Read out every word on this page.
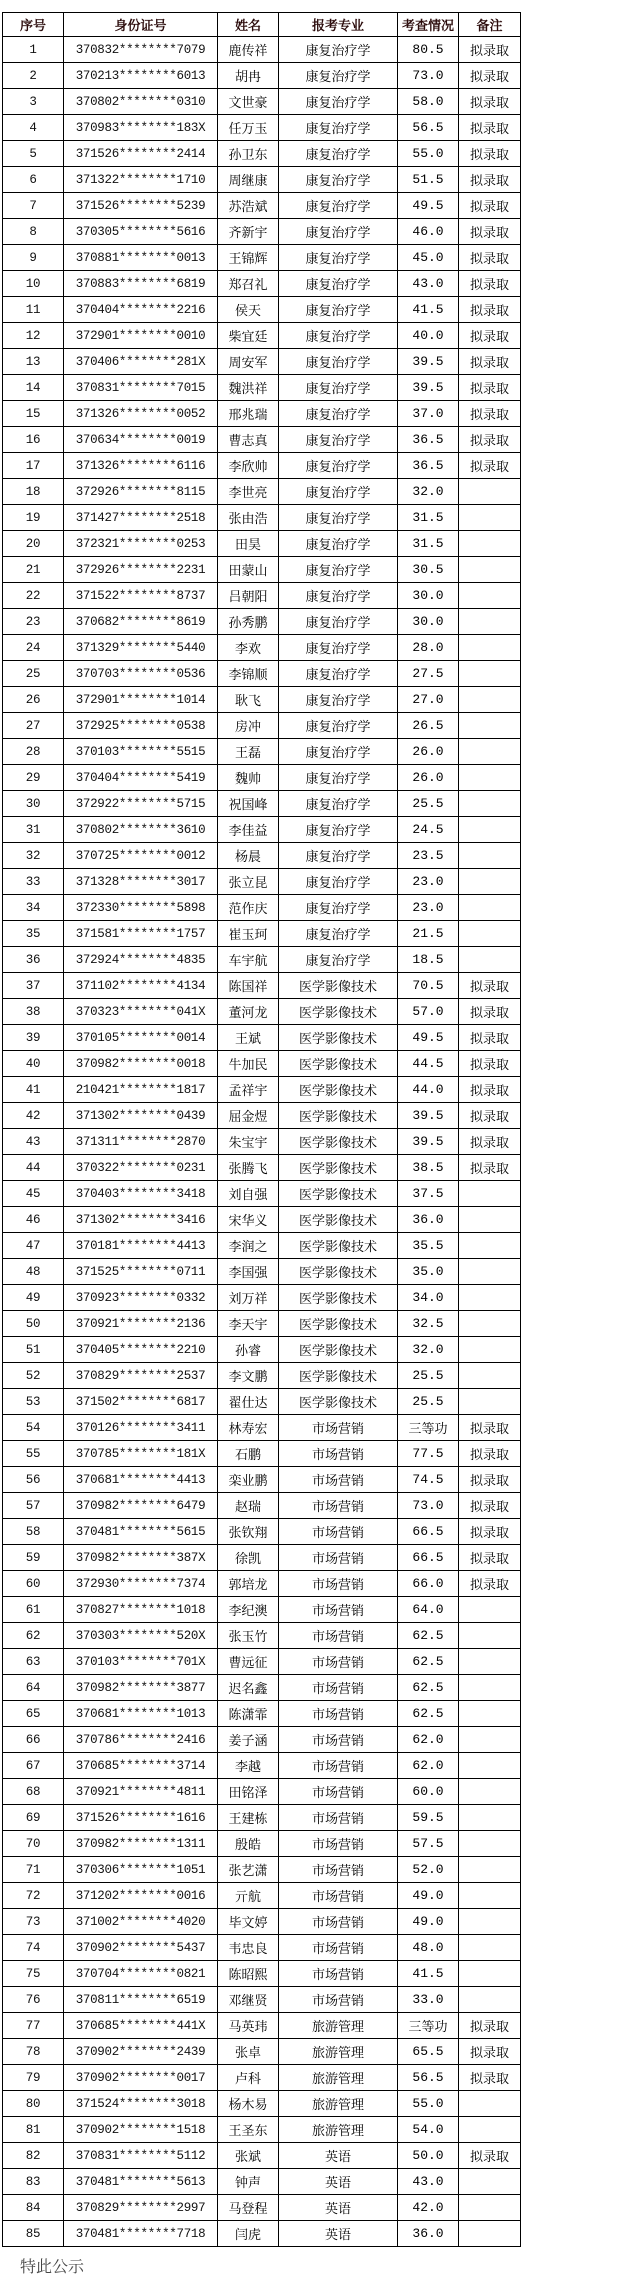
序号	身份证号	姓名	报考专业	考查情况	备注
1	370832********7079	鹿传祥	康复治疗学	80.5	拟录取
2	370213********6013	胡冉	康复治疗学	73.0	拟录取
3	370802********0310	文世豪	康复治疗学	58.0	拟录取
4	370983********183X	任万玉	康复治疗学	56.5	拟录取
5	371526********2414	孙卫东	康复治疗学	55.0	拟录取
6	371322********1710	周继康	康复治疗学	51.5	拟录取
7	371526********5239	苏浩斌	康复治疗学	49.5	拟录取
8	370305********5616	齐新宇	康复治疗学	46.0	拟录取
9	370881********0013	王锦辉	康复治疗学	45.0	拟录取
10	370883********6819	郑召礼	康复治疗学	43.0	拟录取
11	370404********2216	侯天	康复治疗学	41.5	拟录取
12	372901********0010	柴宜廷	康复治疗学	40.0	拟录取
13	370406********281X	周安军	康复治疗学	39.5	拟录取
14	370831********7015	魏洪祥	康复治疗学	39.5	拟录取
15	371326********0052	邢兆瑞	康复治疗学	37.0	拟录取
16	370634********0019	曹志真	康复治疗学	36.5	拟录取
17	371326********6116	李欣帅	康复治疗学	36.5	拟录取
18	372926********8115	李世亮	康复治疗学	32.0	
19	371427********2518	张由浩	康复治疗学	31.5	
20	372321********0253	田昊	康复治疗学	31.5	
21	372926********2231	田蒙山	康复治疗学	30.5	
22	371522********8737	吕朝阳	康复治疗学	30.0	
23	370682********8619	孙秀鹏	康复治疗学	30.0	
24	371329********5440	李欢	康复治疗学	28.0	
25	370703********0536	李锦顺	康复治疗学	27.5	
26	372901********1014	耿飞	康复治疗学	27.0	
27	372925********0538	房冲	康复治疗学	26.5	
28	370103********5515	王磊	康复治疗学	26.0	
29	370404********5419	魏帅	康复治疗学	26.0	
30	372922********5715	祝国峰	康复治疗学	25.5	
31	370802********3610	李佳益	康复治疗学	24.5	
32	370725********0012	杨晨	康复治疗学	23.5	
33	371328********3017	张立昆	康复治疗学	23.0	
34	372330********5898	范作庆	康复治疗学	23.0	
35	371581********1757	崔玉珂	康复治疗学	21.5	
36	372924********4835	车宇航	康复治疗学	18.5	
37	371102********4134	陈国祥	医学影像技术	70.5	拟录取
38	370323********041X	董河龙	医学影像技术	57.0	拟录取
39	370105********0014	王斌	医学影像技术	49.5	拟录取
40	370982********0018	牛加民	医学影像技术	44.5	拟录取
41	210421********1817	孟祥宇	医学影像技术	44.0	拟录取
42	371302********0439	屈金煜	医学影像技术	39.5	拟录取
43	371311********2870	朱宝宇	医学影像技术	39.5	拟录取
44	370322********0231	张腾飞	医学影像技术	38.5	拟录取
45	370403********3418	刘自强	医学影像技术	37.5	
46	371302********3416	宋华义	医学影像技术	36.0	
47	370181********4413	李润之	医学影像技术	35.5	
48	371525********0711	李国强	医学影像技术	35.0	
49	370923********0332	刘万祥	医学影像技术	34.0	
50	370921********2136	李天宇	医学影像技术	32.5	
51	370405********2210	孙睿	医学影像技术	32.0	
52	370829********2537	李文鹏	医学影像技术	25.5	
53	371502********6817	翟仕达	医学影像技术	25.5	
54	370126********3411	林寿宏	市场营销	三等功	拟录取
55	370785********181X	石鹏	市场营销	77.5	拟录取
56	370681********4413	栾业鹏	市场营销	74.5	拟录取
57	370982********6479	赵瑞	市场营销	73.0	拟录取
58	370481********5615	张钦翔	市场营销	66.5	拟录取
59	370982********387X	徐凯	市场营销	66.5	拟录取
60	372930********7374	郭培龙	市场营销	66.0	拟录取
61	370827********1018	李纪澳	市场营销	64.0	
62	370303********520X	张玉竹	市场营销	62.5	
63	370103********701X	曹远征	市场营销	62.5	
64	370982********3877	迟名鑫	市场营销	62.5	
65	370681********1013	陈潇霏	市场营销	62.5	
66	370786********2416	姜子涵	市场营销	62.0	
67	370685********3714	李越	市场营销	62.0	
68	370921********4811	田铭泽	市场营销	60.0	
69	371526********1616	王建栋	市场营销	59.5	
70	370982********1311	殷皓	市场营销	57.5	
71	370306********1051	张艺潇	市场营销	52.0	
72	371202********0016	亓航	市场营销	49.0	
73	371002********4020	毕文婷	市场营销	49.0	
74	370902********5437	韦忠良	市场营销	48.0	
75	370704********0821	陈昭熙	市场营销	41.5	
76	370811********6519	邓继贤	市场营销	33.0	
77	370685********441X	马英玮	旅游管理	三等功	拟录取
78	370902********2439	张卓	旅游管理	65.5	拟录取
79	370902********0017	卢科	旅游管理	56.5	拟录取
80	371524********3018	杨木易	旅游管理	55.0	
81	370902********1518	王圣东	旅游管理	54.0	
82	370831********5112	张斌	英语	50.0	拟录取
83	370481********5613	钟声	英语	43.0	
84	370829********2997	马登程	英语	42.0	
85	370481********7718	闫虎	英语	36.0	
特此公示
